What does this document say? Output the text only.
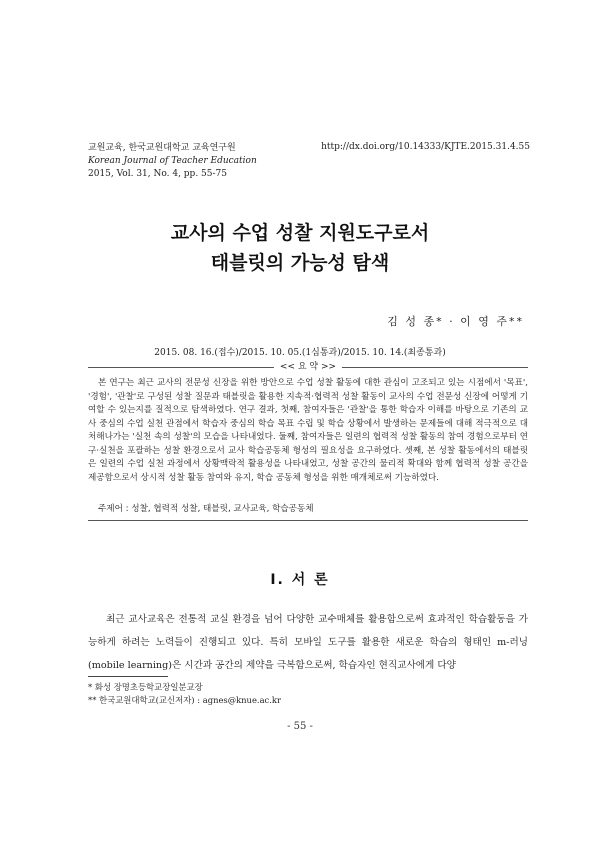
교원교육, 한국교원대학교 교육연구원
Korean Journal of Teacher Education
2015, Vol. 31, No. 4, pp. 55-75
http://dx.doi.org/10.14333/KJTE.2015.31.4.55
교사의 수업 성찰 지원도구로서
태블릿의 가능성 탐색
김 성 종* · 이 영 주**
2015. 08. 16.(접수)/2015. 10. 05.(1심통과)/2015. 10. 14.(최종통과)
<< 요 약 >>

본 연구는 최근 교사의 전문성 신장을 위한 방안으로 수업 성찰 활동에 대한 관심이 고조되고 있는 시점에서 '목표', '경험', '관찰'로 구성된 성찰 질문과 태블릿을 활용한 지속적·협력적 성찰 활동이 교사의 수업 전문성 신장에 어떻게 기여할 수 있는지를 질적으로 탐색하였다. 연구 결과, 첫째, 참여자들은 '관찰'을 통한 학습자 이해를 바탕으로 기존의 교사 중심의 수업 실천 관점에서 학습자 중심의 학습 목표 수립 및 학습 상황에서 발생하는 문제들에 대해 적극적으로 대처해나가는 '실천 속의 성찰'의 모습을 나타내었다. 둘째, 참여자들은 일련의 협력적 성찰 활동의 참여 경험으로부터 연구·실천을 포괄하는 성찰 환경으로서 교사 학습공동체 형성의 필요성을 요구하였다. 셋째, 본 성찰 활동에서의 태블릿은 일련의 수업 실천 과정에서 상황맥락적 활용성을 나타내었고, 성찰 공간의 물리적 확대와 함께 협력적 성찰 공간을 제공함으로서 상시적 성찰 활동 참여와 유지, 학습 공동체 형성을 위한 매개체로써 기능하였다.

주제어 : 성찰, 협력적 성찰, 태블릿, 교사교육, 학습공동체
Ⅰ. 서 론

최근 교사교육은 전통적 교실 환경을 넘어 다양한 교수매체를 활용함으로써 효과적인 학습활동을 가능하게 하려는 노력들이 진행되고 있다. 특히 모바일 도구를 활용한 새로운 학습의 형태인 m-러닝(mobile learning)은 시간과 공간의 제약을 극복함으로써, 학습자인 현직교사에게 다양

* 화성 장명초등학교장일분교장
** 한국교원대학교(교신저자) : agnes@knue.ac.kr
- 55 -
